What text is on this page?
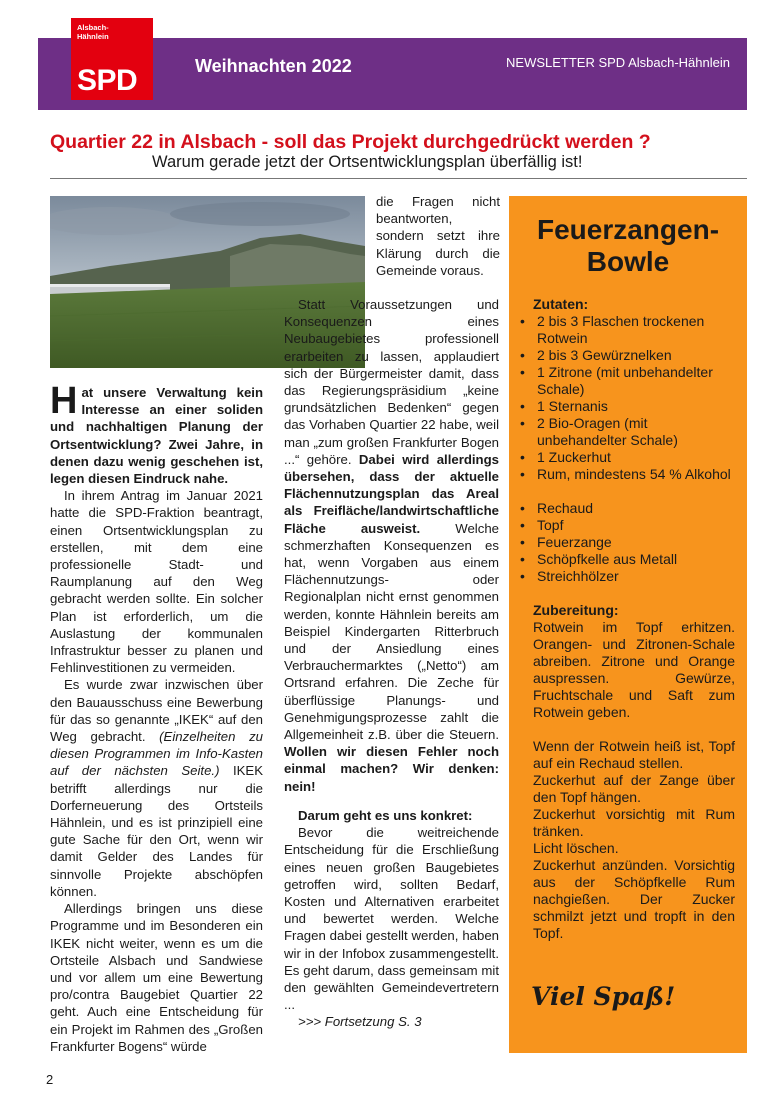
Alsbach-
Hähnlein
SPD	Weihnachten 2022	NEWSLETTER SPD Alsbach-Hähnlein
Quartier 22 in Alsbach - soll das Projekt durchgedrückt werden ?
Warum gerade jetzt der Ortsentwicklungsplan überfällig ist!

Hat unsere Verwaltung kein Interesse an einer soliden und nachhaltigen Planung der Ortsentwicklung? Zwei Jahre, in denen dazu wenig geschehen ist, legen diesen Eindruck nahe.

In ihrem Antrag im Januar 2021 hatte die SPD-Fraktion beantragt, einen Ortsentwicklungsplan zu erstellen, mit dem eine professionelle Stadt- und Raumplanung auf den Weg gebracht werden sollte. Ein solcher Plan ist erforderlich, um die Auslastung der kommunalen Infrastruktur besser zu planen und Fehlinvestitionen zu vermeiden.

Es wurde zwar inzwischen über den Bauausschuss eine Bewerbung für das so genannte „IKEK“ auf den Weg gebracht. (Einzelheiten zu diesen Programmen im Info-Kasten auf der nächsten Seite.) IKEK betrifft allerdings nur die Dorferneuerung des Ortsteils Hähnlein, und es ist prinzipiell eine gute Sache für den Ort, wenn wir damit Gelder des Landes für sinnvolle Projekte abschöpfen können.

Allerdings bringen uns diese Programme und im Besonderen ein IKEK nicht weiter, wenn es um die Ortsteile Alsbach und Sandwiese und vor allem um eine Bewertung pro/contra Baugebiet Quartier 22 geht. Auch eine Entscheidung für ein Projekt im Rahmen des „Großen Frankfurter Bogens“ würde

die Fragen nicht beantworten, sondern setzt ihre Klärung durch die Gemeinde voraus.

Statt Voraussetzungen und Konsequenzen eines Neubaugebietes professionell erarbeiten zu lassen, applaudiert sich der Bürgermeister damit, dass das Regierungspräsidium „keine grundsätzlichen Bedenken“ gegen das Vorhaben Quartier 22 habe, weil man „zum großen Frankfurter Bogen ...“ gehöre. Dabei wird allerdings übersehen, dass der aktuelle Flächennutzungsplan das Areal als Freifläche/landwirtschaftliche Fläche ausweist. Welche schmerzhaften Konsequenzen es hat, wenn Vorgaben aus einem Flächennutzungs- oder Regionalplan nicht ernst genommen werden, konnte Hähnlein bereits am Beispiel Kindergarten Ritterbruch und der Ansiedlung eines Verbrauchermarktes („Netto“) am Ortsrand erfahren. Die Zeche für überflüssige Planungs- und Genehmigungsprozesse zahlt die Allgemeinheit z.B. über die Steuern. Wollen wir diesen Fehler noch einmal machen? Wir denken: nein!

Darum geht es uns konkret:

Bevor die weitreichende Entscheidung für die Erschließung eines neuen großen Baugebietes getroffen wird, sollten Bedarf, Kosten und Alternativen erarbeitet und bewertet werden. Welche Fragen dabei gestellt werden, haben wir in der Infobox zusammengestellt. Es geht darum, dass gemeinsam mit den gewählten Gemeindevertretern ...

>>> Fortsetzung S. 3

Feuerzangen-
Bowle
Zutaten:
• 2 bis 3 Flaschen trockenen Rotwein
• 2 bis 3 Gewürznelken
• 1 Zitrone (mit unbehandelter Schale)
• 1 Sternanis
• 2 Bio-Oragen (mit unbehandelter Schale)
• 1 Zuckerhut
• Rum, mindestens 54 % Alkohol
• Rechaud
• Topf
• Feuerzange
• Schöpfkelle aus Metall
• Streichhölzer
Zubereitung:

Rotwein im Topf erhitzen. Orangen- und Zitronen-Schale abreiben. Zitrone und Orange auspressen. Gewürze, Fruchtschale und Saft zum Rotwein geben.

Wenn der Rotwein heiß ist, Topf auf ein Rechaud stellen.

Zuckerhut auf der Zange über den Topf hängen.

Zuckerhut vorsichtig mit Rum tränken.

Licht löschen.

Zuckerhut anzünden. Vorsichtig aus der Schöpfkelle Rum nachgießen. Der Zucker schmilzt jetzt und tropft in den Topf.

Viel Spaß!
2
